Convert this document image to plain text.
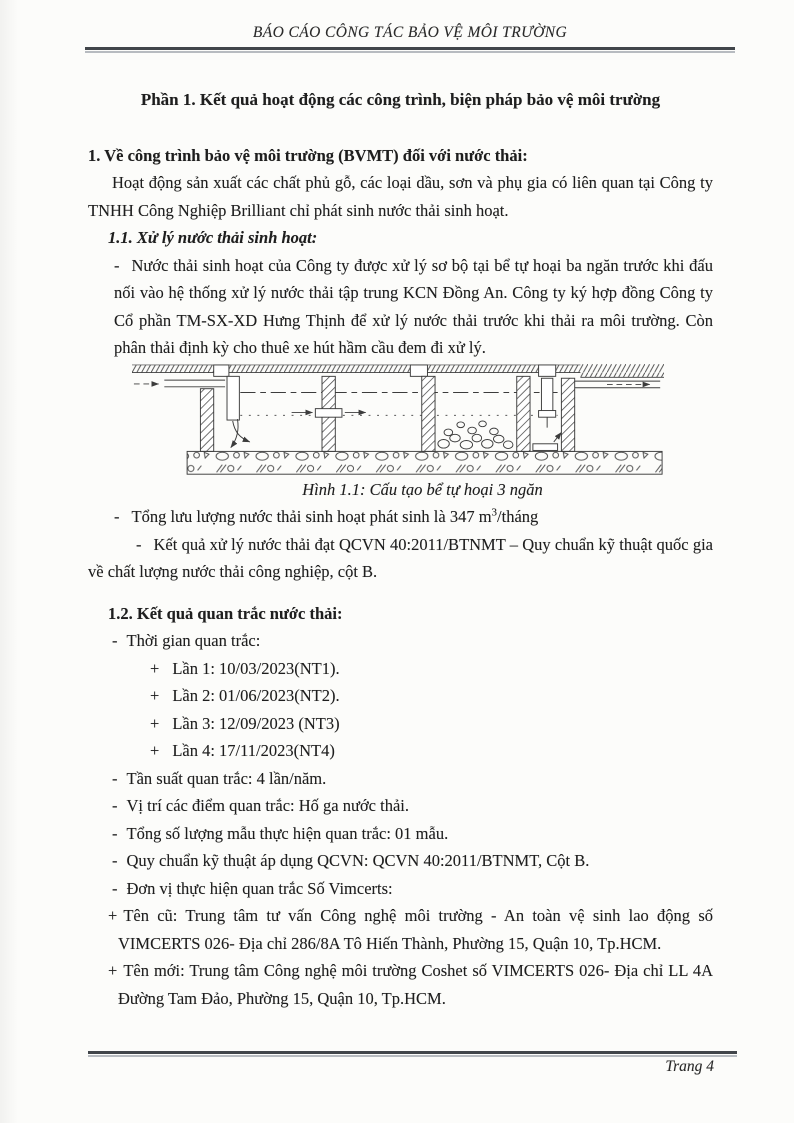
BÁO CÁO CÔNG TÁC BẢO VỆ MÔI TRƯỜNG

Phần 1. Kết quả hoạt động các công trình, biện pháp bảo vệ môi trường

1. Về công trình bảo vệ môi trường (BVMT) đối với nước thải:

Hoạt động sản xuất các chất phủ gỗ, các loại dầu, sơn và phụ gia có liên quan tại Công ty TNHH Công Nghiệp Brilliant chỉ phát sinh nước thải sinh hoạt.

1.1. Xử lý nước thải sinh hoạt:

- Nước thải sinh hoạt của Công ty được xử lý sơ bộ tại bể tự hoại ba ngăn trước khi đấu nối vào hệ thống xử lý nước thải tập trung KCN Đồng An. Công ty ký hợp đồng Công ty Cổ phần TM-SX-XD Hưng Thịnh để xử lý nước thải trước khi thải ra môi trường. Còn phân thải định kỳ cho thuê xe hút hầm cầu đem đi xử lý.

Hình 1.1: Cấu tạo bể tự hoại 3 ngăn

- Tổng lưu lượng nước thải sinh hoạt phát sinh là 347 $m^3$/tháng

- Kết quả xử lý nước thải đạt QCVN 40:2011/BTNMT – Quy chuẩn kỹ thuật quốc gia về chất lượng nước thải công nghiệp, cột B.

1.2. Kết quả quan trắc nước thải:

- Thời gian quan trắc:
+ Lần 1: 10/03/2023(NT1).
+ Lần 2: 01/06/2023(NT2).
+ Lần 3: 12/09/2023 (NT3)
+ Lần 4: 17/11/2023(NT4)
- Tần suất quan trắc: 4 lần/năm.
- Vị trí các điểm quan trắc: Hố ga nước thải.
- Tổng số lượng mẫu thực hiện quan trắc: 01 mẫu.
- Quy chuẩn kỹ thuật áp dụng QCVN: QCVN 40:2011/BTNMT, Cột B.
- Đơn vị thực hiện quan trắc Số Vimcerts:

+ Tên cũ: Trung tâm tư vấn Công nghệ môi trường - An toàn vệ sinh lao động số VIMCERTS 026- Địa chỉ 286/8A Tô Hiến Thành, Phường 15, Quận 10, Tp.HCM.

+ Tên mới: Trung tâm Công nghệ môi trường Coshet số VIMCERTS 026- Địa chỉ LL 4A Đường Tam Đảo, Phường 15, Quận 10, Tp.HCM.

Trang 4
